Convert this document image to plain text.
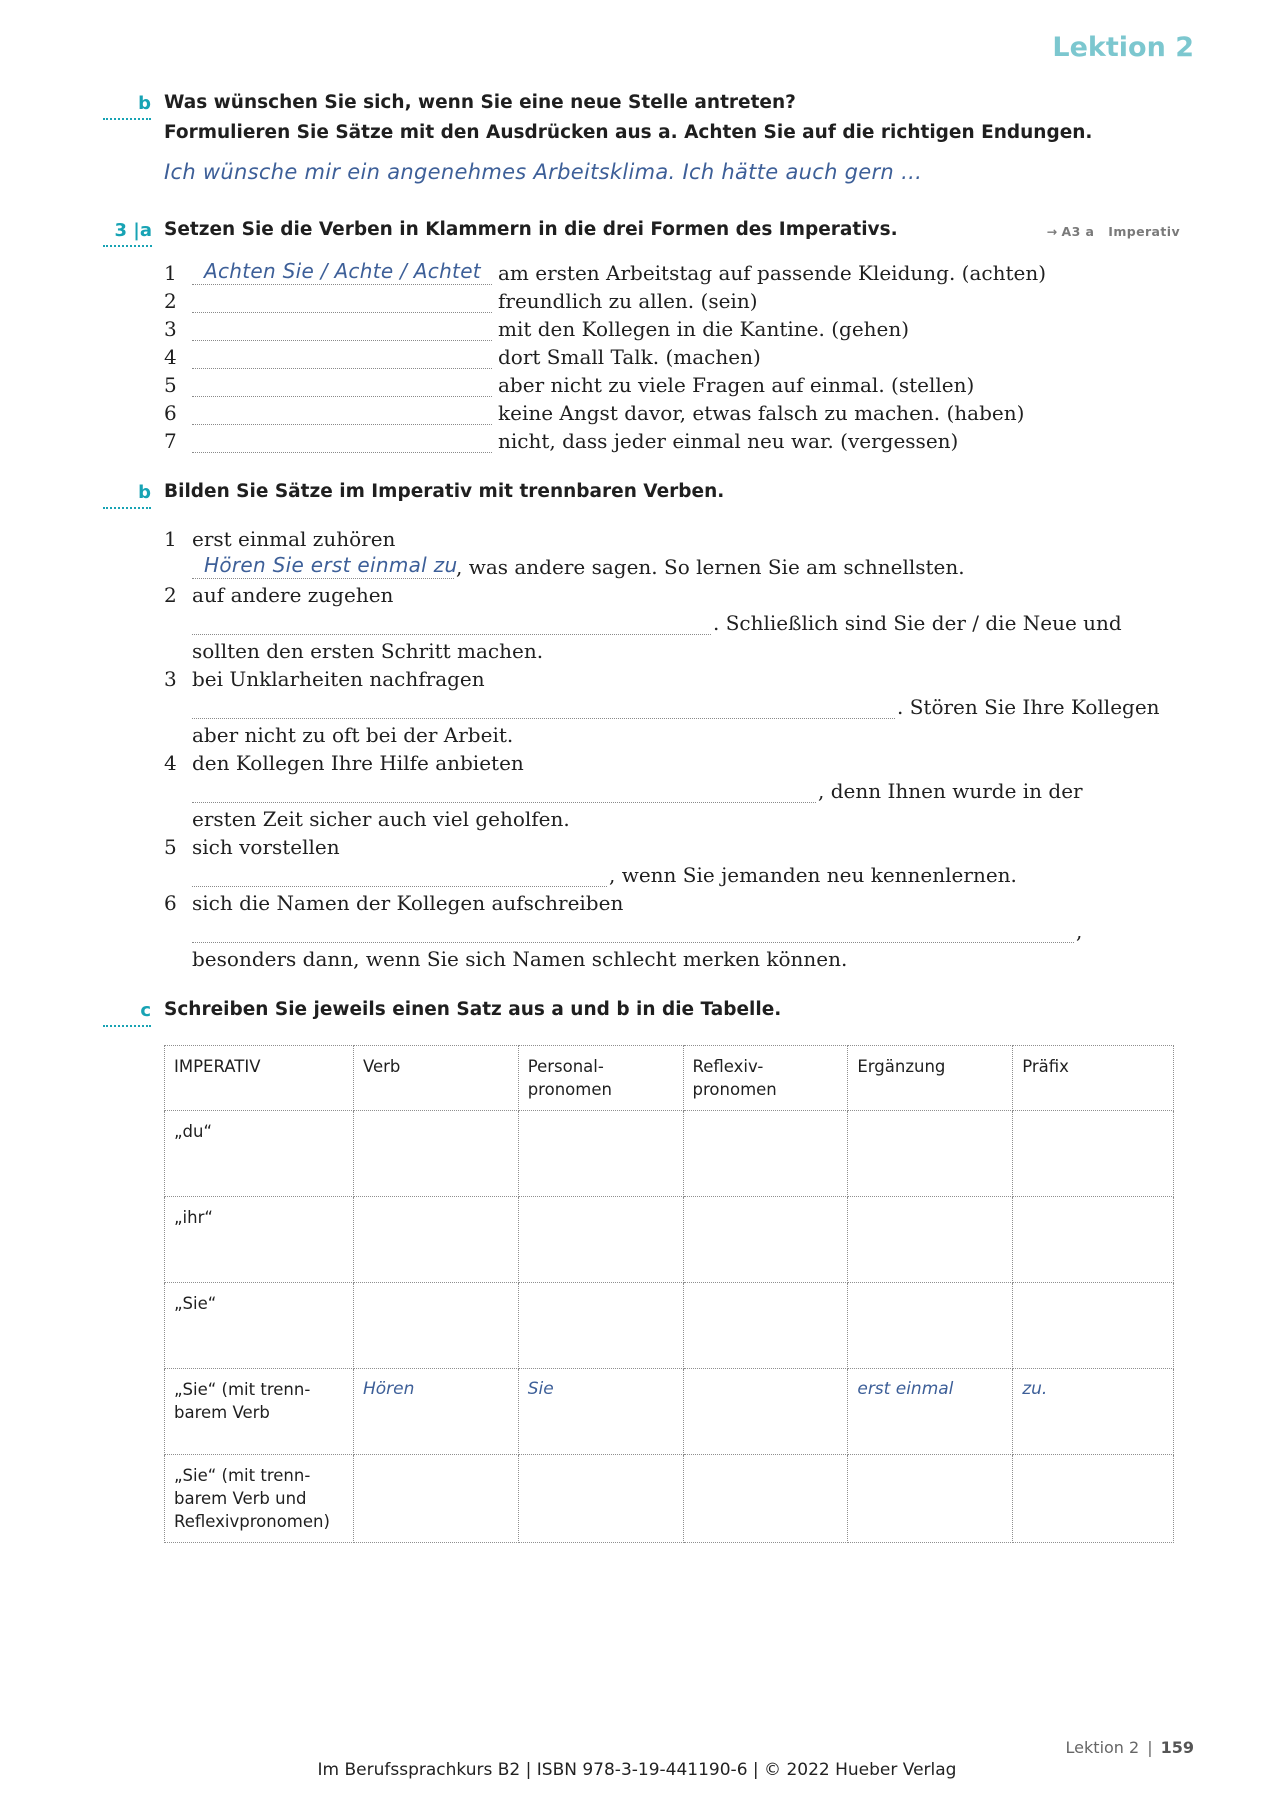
Lektion 2
b Was wünschen Sie sich, wenn Sie eine neue Stelle antreten?
Formulieren Sie Sätze mit den Ausdrücken aus a. Achten Sie auf die richtigen Endungen.
Ich wünsche mir ein angenehmes Arbeitsklima. Ich hätte auch gern …
3 |a Setzen Sie die Verben in Klammern in die drei Formen des Imperativs.	→ A3 a Imperativ
1	Achten Sie / Achte / Achtet am ersten Arbeitstag auf passende Kleidung. (achten)
2	freundlich zu allen. (sein)
3	mit den Kollegen in die Kantine. (gehen)
4	dort Small Talk. (machen)
5	aber nicht zu viele Fragen auf einmal. (stellen)
6	keine Angst davor, etwas falsch zu machen. (haben)
7	nicht, dass jeder einmal neu war. (vergessen)
b Bilden Sie Sätze im Imperativ mit trennbaren Verben.
1 erst einmal zuhören
Hören Sie erst einmal zu
, was andere sagen. So lernen Sie am schnellsten.
2 auf andere zugehen
. Schließlich sind Sie der / die Neue und
sollten den ersten Schritt machen.
3 bei Unklarheiten nachfragen
. Stören Sie Ihre Kollegen
aber nicht zu oft bei der Arbeit.
4 den Kollegen Ihre Hilfe anbieten
, denn Ihnen wurde in der
ersten Zeit sicher auch viel geholfen.
5 sich vorstellen
, wenn Sie jemanden neu kennenlernen.
6 sich die Namen der Kollegen aufschreiben
,
besonders dann, wenn Sie sich Namen schlecht merken können.
c Schreiben Sie jeweils einen Satz aus a und b in die Tabelle.
IMPERATIV	Verb	Personal-
pronomen	Reflexiv-
pronomen	Ergänzung	Präfix
„du“					
„ihr“					
„Sie“					
„Sie“ (mit trenn-
barem Verb	Hören	Sie		erst einmal	zu.
„Sie“ (mit trenn-
barem Verb und
Reflexivpronomen)					
Lektion 2 | 159
Im Berufssprachkurs B2 | ISBN 978-3-19-441190-6 | © 2022 Hueber Verlag
